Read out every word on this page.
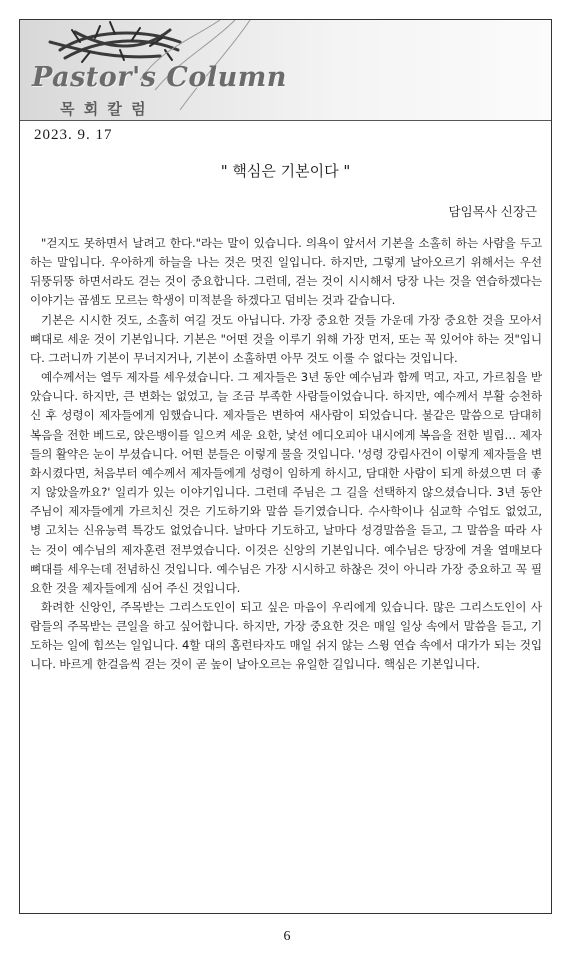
Pastor's Column
목 회 칼 럼
2023. 9. 17
" 핵심은 기본이다 "
담임목사 신장근

"걷지도 못하면서 날려고 한다."라는 말이 있습니다. 의욕이 앞서서 기본을 소홀히 하는 사람을 두고 하는 말입니다. 우아하게 하늘을 나는 것은 멋진 일입니다. 하지만, 그렇게 날아오르기 위해서는 우선 뒤뚱뒤뚱 하면서라도 걷는 것이 중요합니다. 그런데, 걷는 것이 시시해서 당장 나는 것을 연습하겠다는 이야기는 곱셈도 모르는 학생이 미적분을 하겠다고 덤비는 것과 같습니다.

기본은 시시한 것도, 소홀히 여길 것도 아닙니다. 가장 중요한 것들 가운데 가장 중요한 것을 모아서 뼈대로 세운 것이 기본입니다. 기본은 "어떤 것을 이루기 위해 가장 먼저, 또는 꼭 있어야 하는 것"입니다. 그러니까 기본이 무너지거나, 기본이 소홀하면 아무 것도 이룰 수 없다는 것입니다.

예수께서는 열두 제자를 세우셨습니다. 그 제자들은 3년 동안 예수님과 함께 먹고, 자고, 가르침을 받았습니다. 하지만, 큰 변화는 없었고, 늘 조금 부족한 사람들이었습니다. 하지만, 예수께서 부활 승천하신 후 성령이 제자들에게 임했습니다. 제자들은 변하여 새사람이 되었습니다. 불같은 말씀으로 담대히 복음을 전한 베드로, 앉은뱅이를 일으켜 세운 요한, 낯선 에디오피아 내시에게 복음을 전한 빌립… 제자들의 활약은 눈이 부셨습니다. 어떤 분들은 이렇게 물을 것입니다. '성령 강림사건이 이렇게 제자들을 변화시켰다면, 처음부터 예수께서 제자들에게 성령이 임하게 하시고, 담대한 사람이 되게 하셨으면 더 좋지 않았을까요?' 일리가 있는 이야기입니다. 그런데 주님은 그 길을 선택하지 않으셨습니다. 3년 동안 주님이 제자들에게 가르치신 것은 기도하기와 말씀 듣기였습니다. 수사학이나 심교학 수업도 없었고, 병 고치는 신유능력 특강도 없었습니다. 날마다 기도하고, 날마다 성경말씀을 듣고, 그 말씀을 따라 사는 것이 예수님의 제자훈련 전부였습니다. 이것은 신앙의 기본입니다. 예수님은 당장에 겨울 열매보다 뼈대를 세우는데 전념하신 것입니다. 예수님은 가장 시시하고 하찮은 것이 아니라 가장 중요하고 꼭 필요한 것을 제자들에게 심어 주신 것입니다.

화려한 신앙인, 주목받는 그리스도인이 되고 싶은 마음이 우리에게 있습니다. 많은 그리스도인이 사람들의 주목받는 큰일을 하고 싶어합니다. 하지만, 가장 중요한 것은 매일 일상 속에서 말씀을 듣고, 기도하는 일에 힘쓰는 일입니다. 4할 대의 홈런타자도 매일 쉬지 않는 스윙 연습 속에서 대가가 되는 것입니다. 바르게 한걸음씩 걷는 것이 곧 높이 날아오르는 유일한 길입니다. 핵심은 기본입니다.

6
